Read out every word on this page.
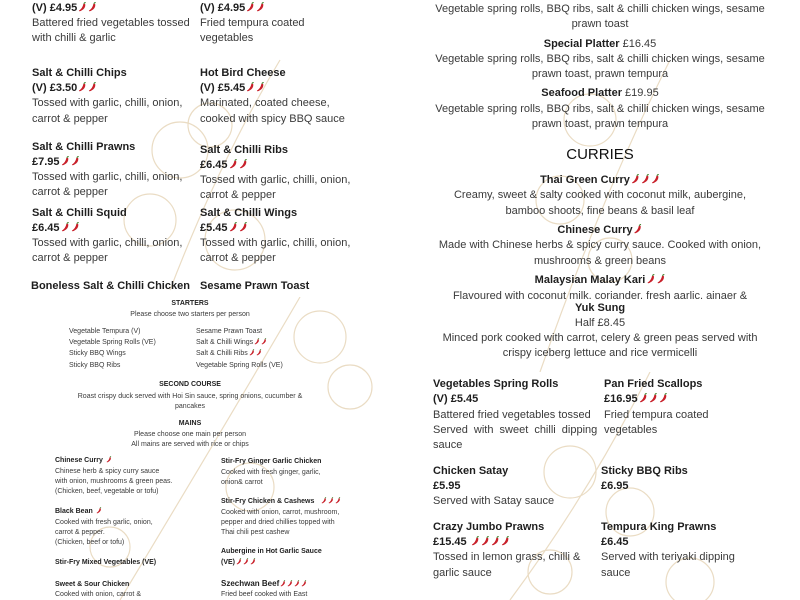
(V) £4.95
Battered fried vegetables tossed
with chilli & garlic
(V) £4.95
Fried tempura coated
vegetables
Salt & Chilli Chips
(V) £3.50
Tossed with garlic, chilli, onion,
carrot & pepper
Hot Bird Cheese
(V) £5.45
Marinated, coated cheese,
cooked with spicy BBQ sauce
Salt & Chilli Prawns
£7.95
Tossed with garlic, chilli, onion,
carrot & pepper
Salt & Chilli Ribs
£6.45
Tossed with garlic, chilli, onion,
carrot & pepper
Salt & Chilli Squid
£6.45
Tossed with garlic, chilli, onion,
carrot & pepper
Salt & Chilli Wings
£5.45
Tossed with garlic, chilli, onion,
carrot & pepper
Boneless Salt & Chilli Chicken Sesame Prawn Toast
STARTERS
Please choose two starters per person
Vegetable Tempura (V)
Vegetable Spring Rolls (VE)
Sticky BBQ Wings
Sticky BBQ Ribs
Sesame Prawn Toast
Salt & Chilli Wings
Salt & Chilli Ribs
Vegetable Spring Rolls (VE)
SECOND COURSE
Roast crispy duck served with Hoi Sin sauce, spring onions, cucumber &
pancakes
MAINS
Please choose one main per person
All mains are served with rice or chips
Chinese Curry
Chinese herb & spicy curry sauce
with onion, mushrooms & green peas.
(Chicken, beef, vegetable or tofu)
Black Bean
Cooked with fresh garlic, onion,
carrot & pepper.
(Chicken, beef or tofu)
Stir-Fry Mixed Vegetables (VE)
Sweet & Sour Chicken
Cooked with onion, carrot &
Stir-Fry Ginger Garlic Chicken
Cooked with fresh ginger, garlic,
onion& carrot
Stir-Fry Chicken & Cashews
Cooked with onion, carrot, mushroom,
pepper and dried chillies topped with
Thai chili pest cashew
Aubergine in Hot Garlic Sauce
(VE)
Szechwan Beef
Fried beef cooked with East
Vegetable spring rolls, BBQ ribs, salt & chilli chicken wings, sesame
prawn toast
Special Platter £16.45
Vegetable spring rolls, BBQ ribs, salt & chilli chicken wings, sesame
prawn toast, prawn tempura
Seafood Platter £19.95
Vegetable spring rolls, BBQ ribs, salt & chilli chicken wings, sesame
prawn toast, prawn tempura
CURRIES
Thai Green Curry
Creamy, sweet & salty cooked with coconut milk, aubergine,
bamboo shoots, fine beans & basil leaf
Chinese Curry
Made with Chinese herbs & spicy curry sauce. Cooked with onion,
mushrooms & green beans
Malaysian Malay Kari
Flavoured with coconut milk. coriander. fresh aarlic. ainaer &
Yuk Sung
Half £8.45
Minced pork cooked with carrot, celery & green peas served with
crispy iceberg lettuce and rice vermicelli
Vegetables Spring Rolls
(V) £5.45
Battered fried vegetables tossed
Served with sweet chilli dipping
sauce
Pan Fried Scallops
£16.95
Fried tempura coated
vegetables
Chicken Satay
£5.95
Served with Satay sauce
Sticky BBQ Ribs
£6.95
Crazy Jumbo Prawns
£15.45
Tossed in lemon grass, chilli &
garlic sauce
Tempura King Prawns
£6.45
Served with teriyaki dipping
sauce
